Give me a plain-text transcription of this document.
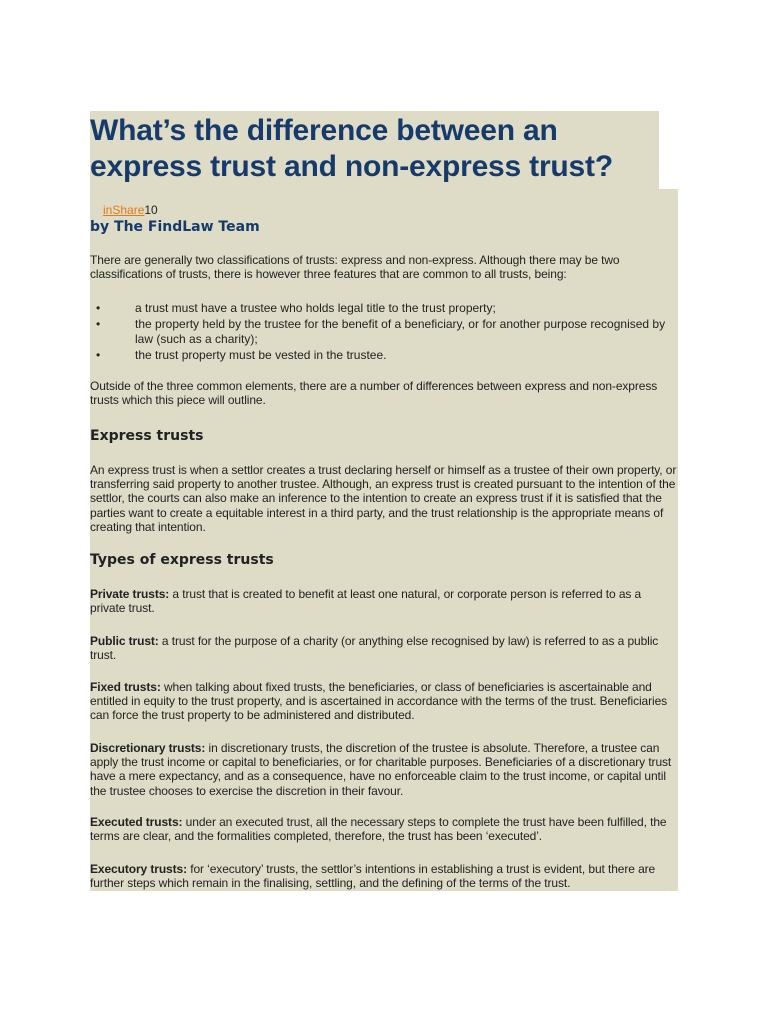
What’s the difference between an express trust and non-express trust?
inShare10
by The FindLaw Team

There are generally two classifications of trusts: express and non-express. Although there may be two classifications of trusts, there is however three features that are common to all trusts, being:

•	a trust must have a trustee who holds legal title to the trust property;
•	the property held by the trustee for the benefit of a beneficiary, or for another purpose recognised by law (such as a charity);
•	the trust property must be vested in the trustee.

Outside of the three common elements, there are a number of differences between express and non-express trusts which this piece will outline.

Express trusts

An express trust is when a settlor creates a trust declaring herself or himself as a trustee of their own property, or transferring said property to another trustee. Although, an express trust is created pursuant to the intention of the settlor, the courts can also make an inference to the intention to create an express trust if it is satisfied that the parties want to create a equitable interest in a third party, and the trust relationship is the appropriate means of creating that intention.

Types of express trusts

Private trusts: a trust that is created to benefit at least one natural, or corporate person is referred to as a private trust.

Public trust: a trust for the purpose of a charity (or anything else recognised by law) is referred to as a public trust.

Fixed trusts: when talking about fixed trusts, the beneficiaries, or class of beneficiaries is ascertainable and entitled in equity to the trust property, and is ascertained in accordance with the terms of the trust. Beneficiaries can force the trust property to be administered and distributed.

Discretionary trusts: in discretionary trusts, the discretion of the trustee is absolute. Therefore, a trustee can apply the trust income or capital to beneficiaries, or for charitable purposes. Beneficiaries of a discretionary trust have a mere expectancy, and as a consequence, have no enforceable claim to the trust income, or capital until the trustee chooses to exercise the discretion in their favour.

Executed trusts: under an executed trust, all the necessary steps to complete the trust have been fulfilled, the terms are clear, and the formalities completed, therefore, the trust has been ‘executed’.

Executory trusts: for ‘executory’ trusts, the settlor’s intentions in establishing a trust is evident, but there are further steps which remain in the finalising, settling, and the defining of the terms of the trust.
